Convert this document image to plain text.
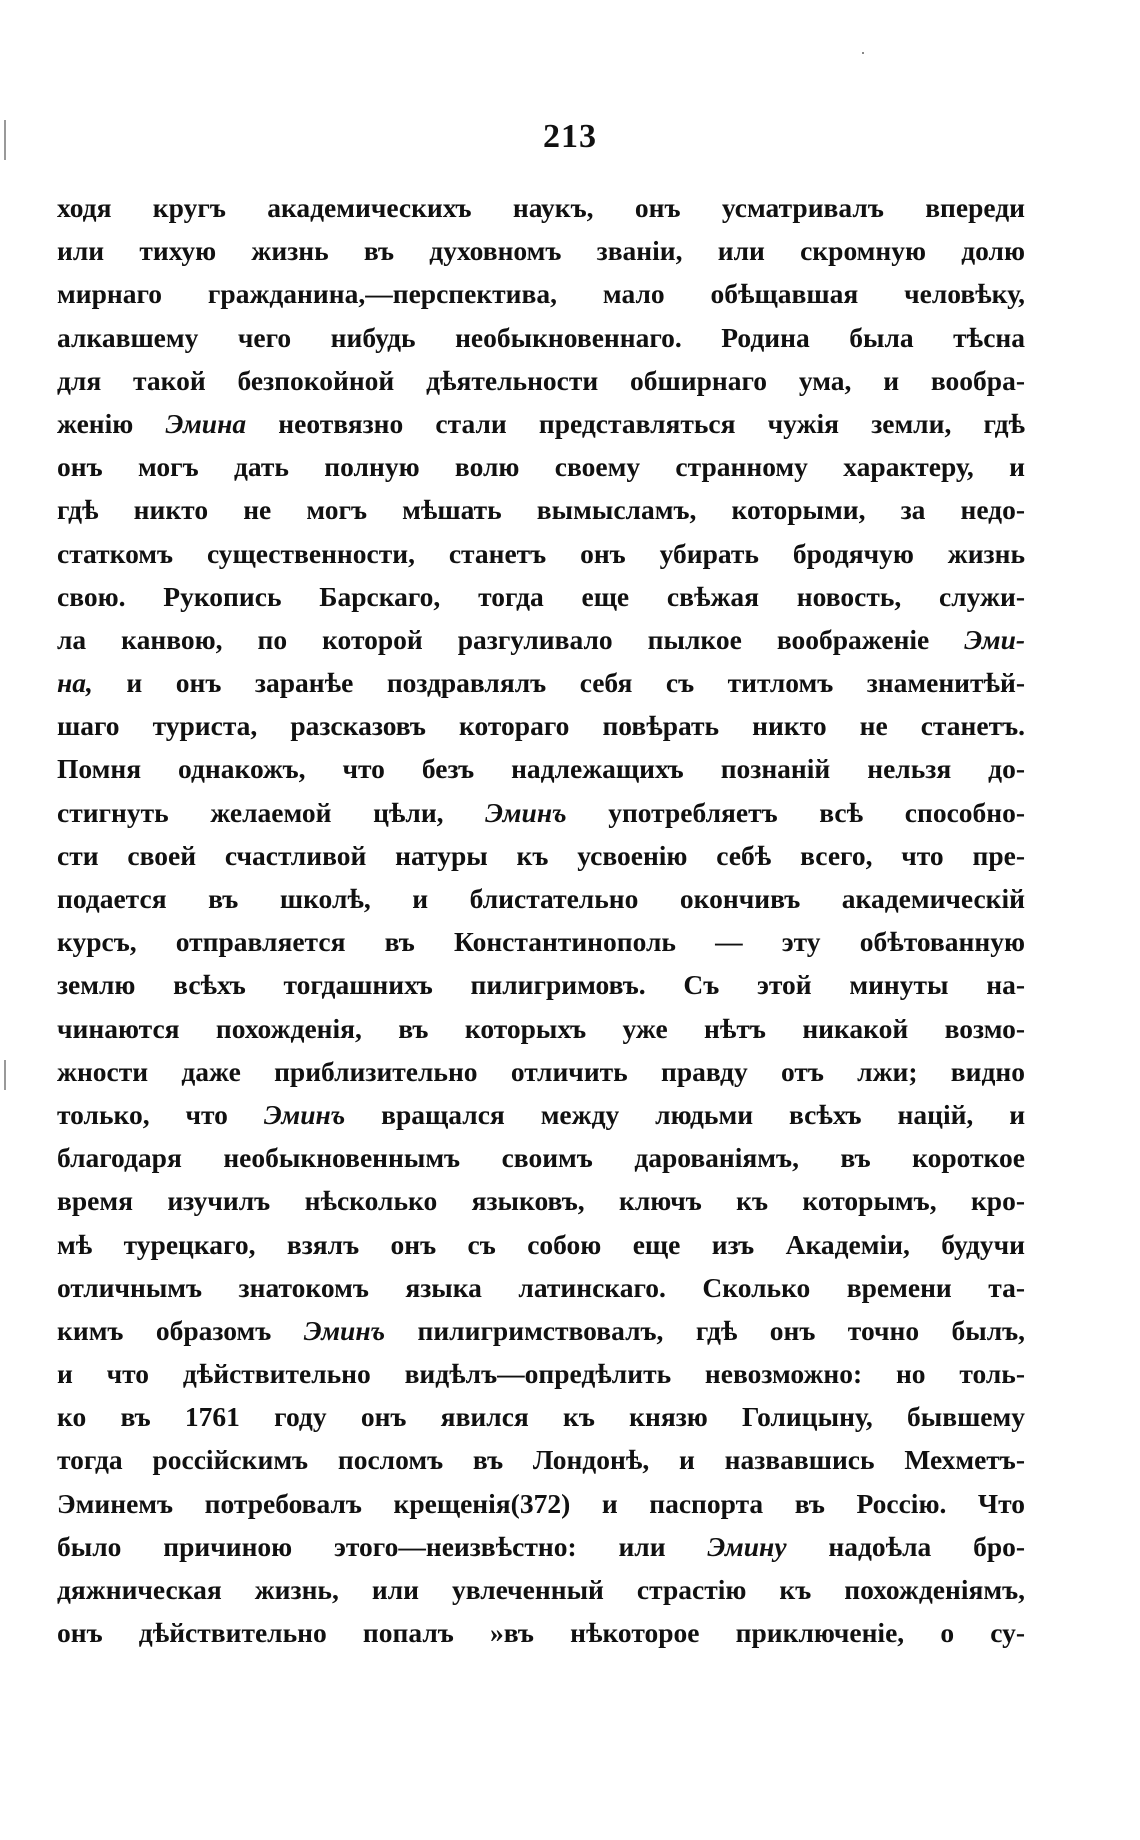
213
ходя кругъ академическихъ наукъ, онъ усматривалъ впереди
или тихую жизнь въ духовномъ званіи, или скромную долю
мирнаго гражданина,—перспектива, мало обѣщавшая человѣку,
алкавшему чего нибудь необыкновеннаго. Родина была тѣсна
для такой безпокойной дѣятельности обширнаго ума, и вообра-
женію Эмина неотвязно стали представляться чужія земли, гдѣ
онъ могъ дать полную волю своему странному характеру, и
гдѣ никто не могъ мѣшать вымысламъ, которыми, за недо-
статкомъ существенности, станетъ онъ убирать бродячую жизнь
свою. Рукопись Барскаго, тогда еще свѣжая новость, служи-
ла канвою, по которой разгуливало пылкое воображеніе Эми-
на, и онъ заранѣе поздравлялъ себя съ титломъ знаменитѣй-
шаго туриста, разсказовъ котораго повѣрать никто не станетъ.
Помня однакожъ, что безъ надлежащихъ познаній нельзя до-
стигнуть желаемой цѣли, Эминъ употребляетъ всѣ способно-
сти своей счастливой натуры къ усвоенію себѣ всего, что пре-
подается въ школѣ, и блистательно окончивъ академическій
курсъ, отправляется въ Константинополь — эту обѣтованную
землю всѣхъ тогдашнихъ пилигримовъ. Съ этой минуты на-
чинаются похожденія, въ которыхъ уже нѣтъ никакой возмо-
жности даже приблизительно отличить правду отъ лжи; видно
только, что Эминъ вращался между людьми всѣхъ націй, и
благодаря необыкновеннымъ своимъ дарованіямъ, въ короткое
время изучилъ нѣсколько языковъ, ключъ къ которымъ, кро-
мѣ турецкаго, взялъ онъ съ собою еще изъ Академіи, будучи
отличнымъ знатокомъ языка латинскаго. Сколько времени та-
кимъ образомъ Эминъ пилигримствовалъ, гдѣ онъ точно былъ,
и что дѣйствительно видѣлъ—опредѣлить невозможно: но толь-
ко въ 1761 году онъ явился къ князю Голицыну, бывшему
тогда россійскимъ посломъ въ Лондонѣ, и назвавшись Мехметъ-
Эминемъ потребовалъ крещенія(372) и паспорта въ Россію. Что
было причиною этого—неизвѣстно: или Эмину надоѣла бро-
дяжническая жизнь, или увлеченный страстію къ похожденіямъ,
онъ дѣйствительно попалъ »въ нѣкоторое приключеніе, о су-
